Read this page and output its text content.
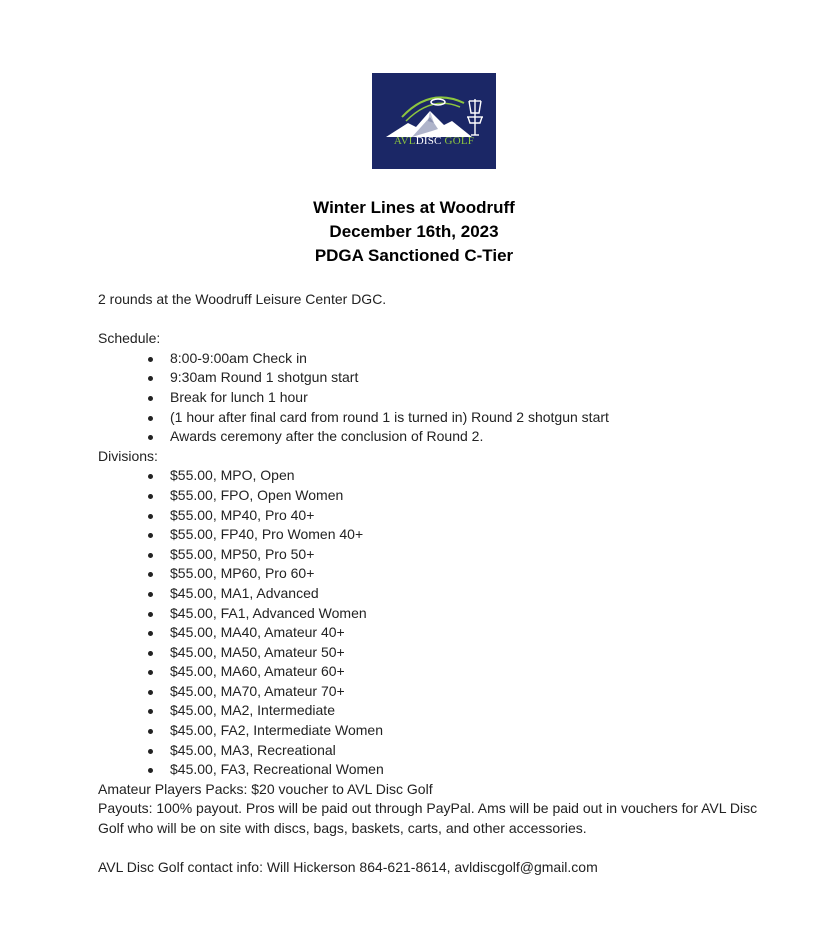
AVLDISC GOLF
Winter Lines at Woodruff
December 16th, 2023
PDGA Sanctioned C-Tier
2 rounds at the Woodruff Leisure Center DGC.
Schedule:
8:00-9:00am Check in
9:30am Round 1 shotgun start
Break for lunch 1 hour
(1 hour after final card from round 1 is turned in) Round 2 shotgun start
Awards ceremony after the conclusion of Round 2.
Divisions:
$55.00, MPO, Open
$55.00, FPO, Open Women
$55.00, MP40, Pro 40+
$55.00, FP40, Pro Women 40+
$55.00, MP50, Pro 50+
$55.00, MP60, Pro 60+
$45.00, MA1, Advanced
$45.00, FA1, Advanced Women
$45.00, MA40, Amateur 40+
$45.00, MA50, Amateur 50+
$45.00, MA60, Amateur 60+
$45.00, MA70, Amateur 70+
$45.00, MA2, Intermediate
$45.00, FA2, Intermediate Women
$45.00, MA3, Recreational
$45.00, FA3, Recreational Women
Amateur Players Packs: $20 voucher to AVL Disc Golf
Payouts: 100% payout. Pros will be paid out through PayPal. Ams will be paid out in vouchers for AVL Disc Golf who will be on site with discs, bags, baskets, carts, and other accessories.
AVL Disc Golf contact info: Will Hickerson 864-621-8614, avldiscgolf@gmail.com
